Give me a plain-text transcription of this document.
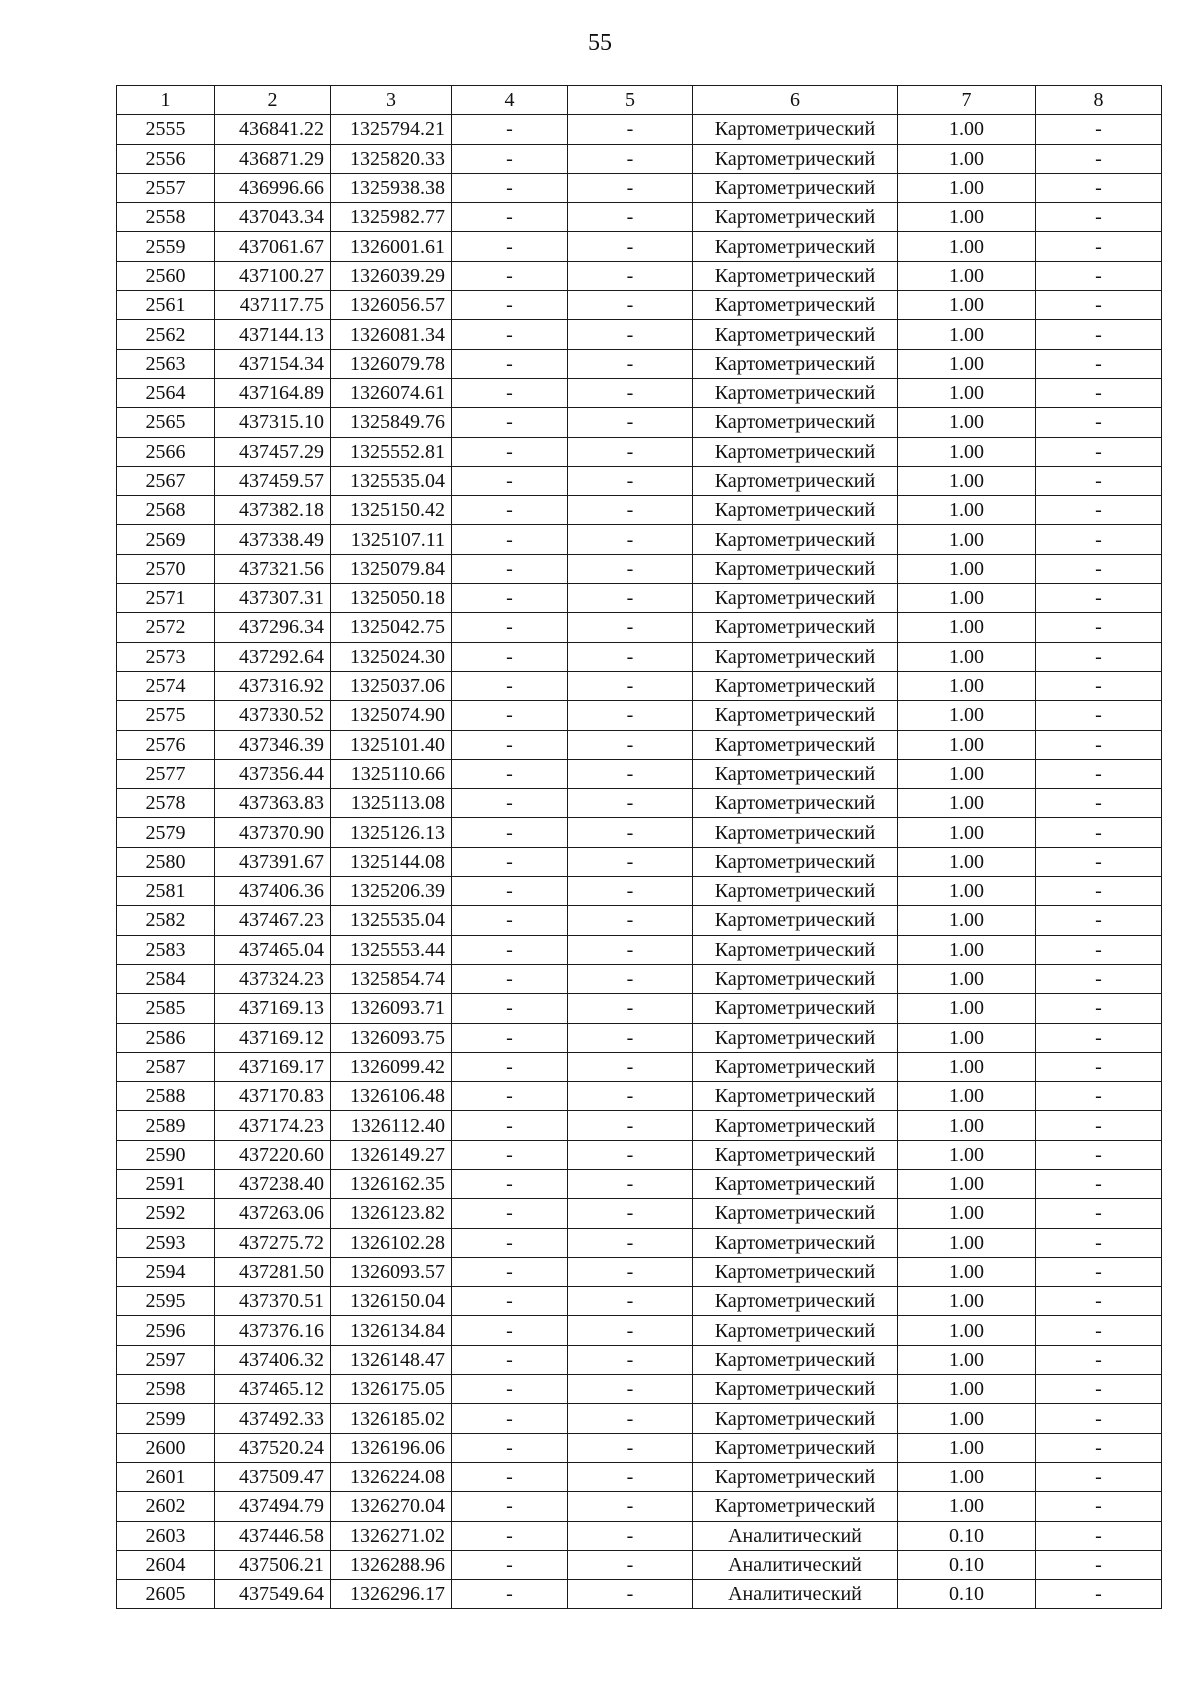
55
1	2	3	4	5	6	7	8
2555	436841.22	1325794.21	-	-	Картометрический	1.00	-
2556	436871.29	1325820.33	-	-	Картометрический	1.00	-
2557	436996.66	1325938.38	-	-	Картометрический	1.00	-
2558	437043.34	1325982.77	-	-	Картометрический	1.00	-
2559	437061.67	1326001.61	-	-	Картометрический	1.00	-
2560	437100.27	1326039.29	-	-	Картометрический	1.00	-
2561	437117.75	1326056.57	-	-	Картометрический	1.00	-
2562	437144.13	1326081.34	-	-	Картометрический	1.00	-
2563	437154.34	1326079.78	-	-	Картометрический	1.00	-
2564	437164.89	1326074.61	-	-	Картометрический	1.00	-
2565	437315.10	1325849.76	-	-	Картометрический	1.00	-
2566	437457.29	1325552.81	-	-	Картометрический	1.00	-
2567	437459.57	1325535.04	-	-	Картометрический	1.00	-
2568	437382.18	1325150.42	-	-	Картометрический	1.00	-
2569	437338.49	1325107.11	-	-	Картометрический	1.00	-
2570	437321.56	1325079.84	-	-	Картометрический	1.00	-
2571	437307.31	1325050.18	-	-	Картометрический	1.00	-
2572	437296.34	1325042.75	-	-	Картометрический	1.00	-
2573	437292.64	1325024.30	-	-	Картометрический	1.00	-
2574	437316.92	1325037.06	-	-	Картометрический	1.00	-
2575	437330.52	1325074.90	-	-	Картометрический	1.00	-
2576	437346.39	1325101.40	-	-	Картометрический	1.00	-
2577	437356.44	1325110.66	-	-	Картометрический	1.00	-
2578	437363.83	1325113.08	-	-	Картометрический	1.00	-
2579	437370.90	1325126.13	-	-	Картометрический	1.00	-
2580	437391.67	1325144.08	-	-	Картометрический	1.00	-
2581	437406.36	1325206.39	-	-	Картометрический	1.00	-
2582	437467.23	1325535.04	-	-	Картометрический	1.00	-
2583	437465.04	1325553.44	-	-	Картометрический	1.00	-
2584	437324.23	1325854.74	-	-	Картометрический	1.00	-
2585	437169.13	1326093.71	-	-	Картометрический	1.00	-
2586	437169.12	1326093.75	-	-	Картометрический	1.00	-
2587	437169.17	1326099.42	-	-	Картометрический	1.00	-
2588	437170.83	1326106.48	-	-	Картометрический	1.00	-
2589	437174.23	1326112.40	-	-	Картометрический	1.00	-
2590	437220.60	1326149.27	-	-	Картометрический	1.00	-
2591	437238.40	1326162.35	-	-	Картометрический	1.00	-
2592	437263.06	1326123.82	-	-	Картометрический	1.00	-
2593	437275.72	1326102.28	-	-	Картометрический	1.00	-
2594	437281.50	1326093.57	-	-	Картометрический	1.00	-
2595	437370.51	1326150.04	-	-	Картометрический	1.00	-
2596	437376.16	1326134.84	-	-	Картометрический	1.00	-
2597	437406.32	1326148.47	-	-	Картометрический	1.00	-
2598	437465.12	1326175.05	-	-	Картометрический	1.00	-
2599	437492.33	1326185.02	-	-	Картометрический	1.00	-
2600	437520.24	1326196.06	-	-	Картометрический	1.00	-
2601	437509.47	1326224.08	-	-	Картометрический	1.00	-
2602	437494.79	1326270.04	-	-	Картометрический	1.00	-
2603	437446.58	1326271.02	-	-	Аналитический	0.10	-
2604	437506.21	1326288.96	-	-	Аналитический	0.10	-
2605	437549.64	1326296.17	-	-	Аналитический	0.10	-
